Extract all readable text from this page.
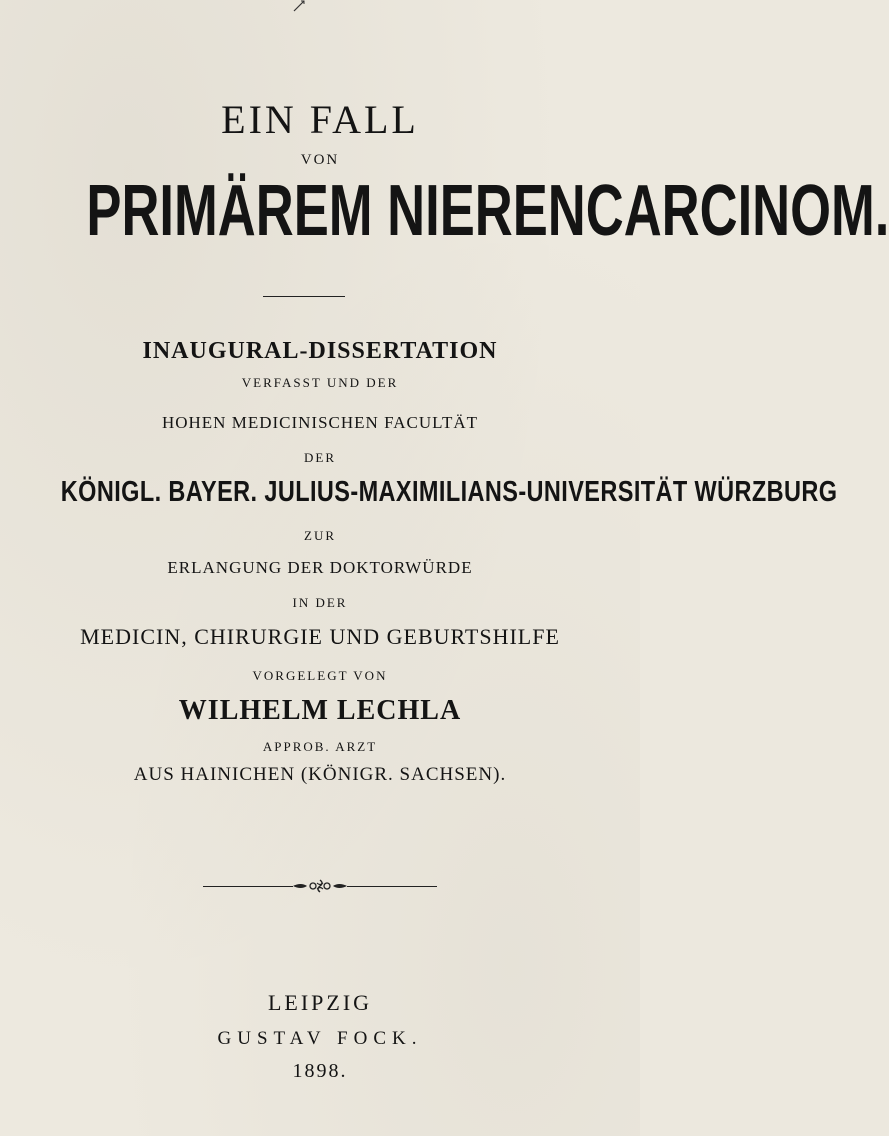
EIN FALL

VON

PRIMÄREM NIERENCARCINOM.

INAUGURAL-DISSERTATION

VERFASST UND DER

HOHEN MEDICINISCHEN FACULTÄT

DER

KÖNIGL. BAYER. JULIUS-MAXIMILIANS-UNIVERSITÄT WÜRZBURG

ZUR

ERLANGUNG DER DOKTORWÜRDE

IN DER

MEDICIN, CHIRURGIE UND GEBURTSHILFE

VORGELEGT VON

WILHELM LECHLA

APPROB. ARZT

AUS HAINICHEN (KÖNIGR. SACHSEN).

LEIPZIG

GUSTAV FOCK.

1898.
